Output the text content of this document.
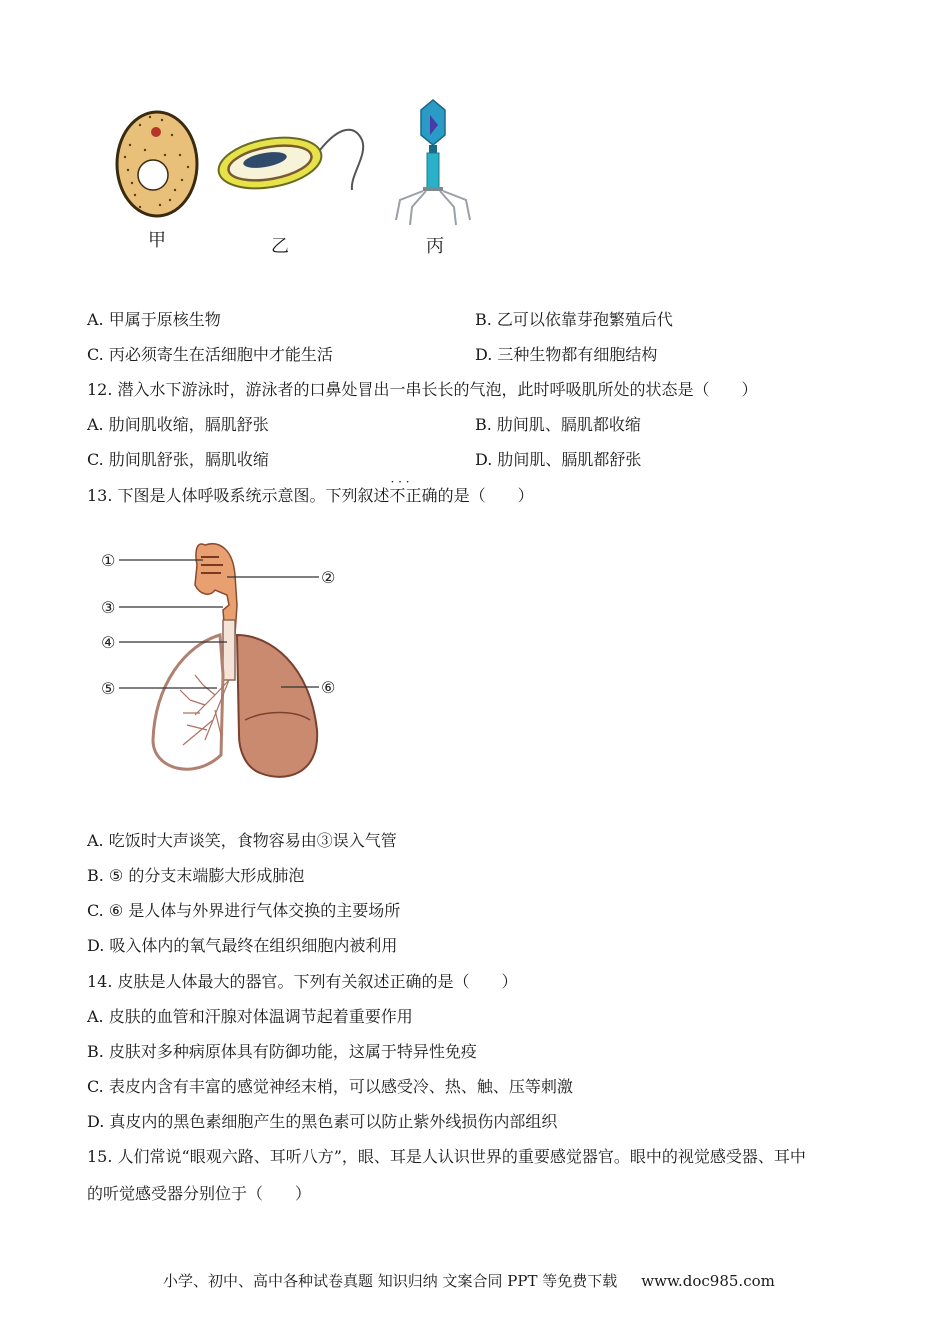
甲	乙	丙
A. 甲属于原核生物	B. 乙可以依靠芽孢繁殖后代
C. 丙必须寄生在活细胞中才能生活	D. 三种生物都有细胞结构
12. 潜入水下游泳时，游泳者的口鼻处冒出一串长长的气泡，此时呼吸肌所处的状态是（　　）
A. 肋间肌收缩，膈肌舒张	B. 肋间肌、膈肌都收缩
C. 肋间肌舒张，膈肌收缩	D. 肋间肌、膈肌都舒张
13. 下图是人体呼吸系统示意图。下列叙述· · · 不正确的是（　　）
①
②
③
④
⑤	⑥
A. 吃饭时大声谈笑，食物容易由③误入气管
B. ⑤ 的分支末端膨大形成肺泡
C. ⑥ 是人体与外界进行气体交换的主要场所
D. 吸入体内的氧气最终在组织细胞内被利用
14. 皮肤是人体最大的器官。下列有关叙述正确的是（　　）
A. 皮肤的血管和汗腺对体温调节起着重要作用
B. 皮肤对多种病原体具有防御功能，这属于特异性免疫
C. 表皮内含有丰富的感觉神经末梢，可以感受冷、热、触、压等刺激
D. 真皮内的黑色素细胞产生的黑色素可以防止紫外线损伤内部组织
15. 人们常说“眼观六路、耳听八方”，眼、耳是人认识世界的重要感觉器官。眼中的视觉感受器、耳中
的听觉感受器分别位于（　　）
小学、初中、高中各种试卷真题 知识归纳 文案合同 PPT 等免费下载 www.doc985.com
